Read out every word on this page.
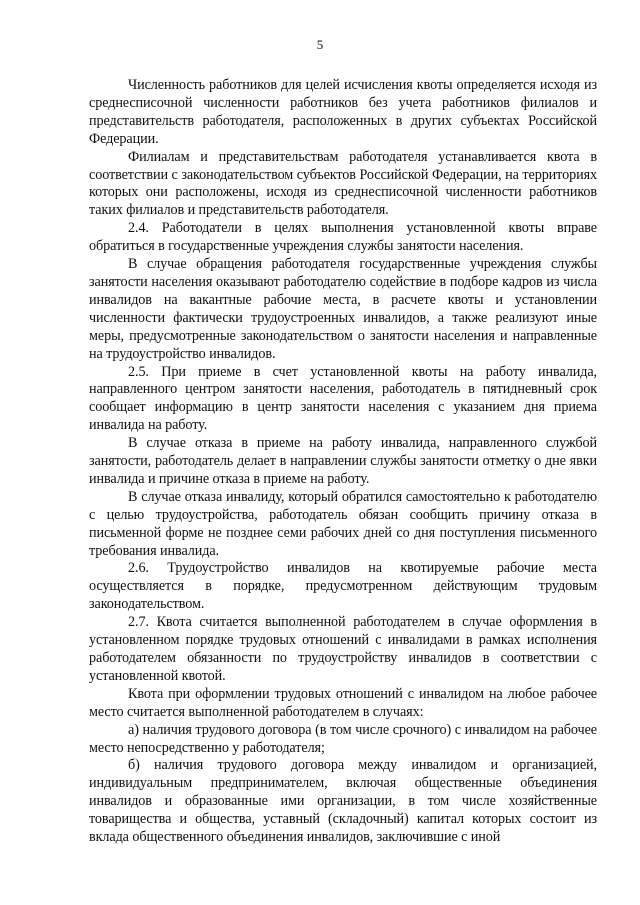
5

Численность работников для целей исчисления квоты определяется исходя из среднесписочной численности работников без учета работников филиалов и представительств работодателя, расположенных в других субъектах Российской Федерации.

Филиалам и представительствам работодателя устанавливается квота в соответствии с законодательством субъектов Российской Федерации, на территориях которых они расположены, исходя из среднесписочной численности работников таких филиалов и представительств работодателя.

2.4. Работодатели в целях выполнения установленной квоты вправе обратиться в государственные учреждения службы занятости населения.

В случае обращения работодателя государственные учреждения службы занятости населения оказывают работодателю содействие в подборе кадров из числа инвалидов на вакантные рабочие места, в расчете квоты и установлении численности фактически трудоустроенных инвалидов, а также реализуют иные меры, предусмотренные законодательством о занятости населения и направленные на трудоустройство инвалидов.

2.5. При приеме в счет установленной квоты на работу инвалида, направленного центром занятости населения, работодатель в пятидневный срок сообщает информацию в центр занятости населения с указанием дня приема инвалида на работу.

В случае отказа в приеме на работу инвалида, направленного службой занятости, работодатель делает в направлении службы занятости отметку о дне явки инвалида и причине отказа в приеме на работу.

В случае отказа инвалиду, который обратился самостоятельно к работодателю с целью трудоустройства, работодатель обязан сообщить причину отказа в письменной форме не позднее семи рабочих дней со дня поступления письменного требования инвалида.

2.6. Трудоустройство инвалидов на квотируемые рабочие места осуществляется в порядке, предусмотренном действующим трудовым законодательством.

2.7. Квота считается выполненной работодателем в случае оформления в установленном порядке трудовых отношений с инвалидами в рамках исполнения работодателем обязанности по трудоустройству инвалидов в соответствии с установленной квотой.

Квота при оформлении трудовых отношений с инвалидом на любое рабочее место считается выполненной работодателем в случаях:

а) наличия трудового договора (в том числе срочного) с инвалидом на рабочее место непосредственно у работодателя;

б) наличия трудового договора между инвалидом и организацией, индивидуальным предпринимателем, включая общественные объединения инвалидов и образованные ими организации, в том числе хозяйственные товарищества и общества, уставный (складочный) капитал которых состоит из вклада общественного объединения инвалидов, заключившие с иной
